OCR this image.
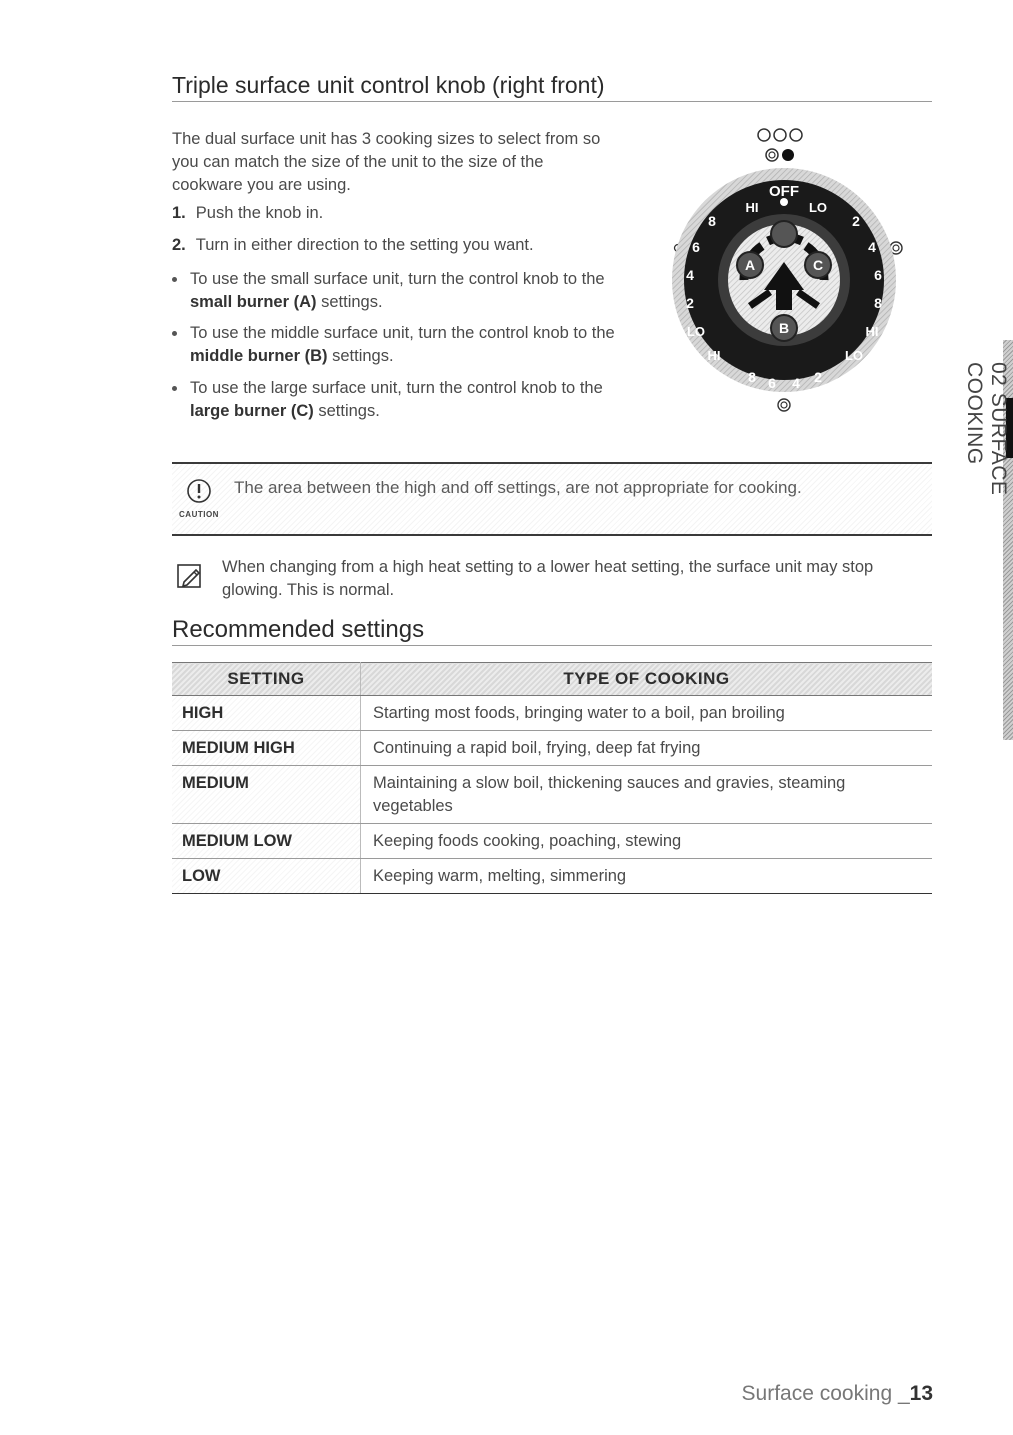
Triple surface unit control knob (right front)

The dual surface unit has 3 cooking sizes to select from so you can match the size of the unit to the size of the cookware you are using.

1. Push the knob in.
2. Turn in either direction to the setting you want.
To use the small surface unit, turn the control knob to the small burner (A) settings.
To use the middle surface unit, turn the control knob to the middle burner (B) settings.
To use the large surface unit, turn the control knob to the large burner (C) settings.
OFF
HI	LO
8
6
4
2
LO
2
4
6
8
HI
HI
8 6 4 2
LO
A	C
B
CAUTION
The area between the high and off settings, are not appropriate for cooking.

When changing from a high heat setting to a lower heat setting, the surface unit may stop glowing. This is normal.

Recommended settings
SETTING	TYPE OF COOKING
HIGH	Starting most foods, bringing water to a boil, pan broiling
MEDIUM HIGH	Continuing a rapid boil, frying, deep fat frying
MEDIUM	Maintaining a slow boil, thickening sauces and gravies, steaming vegetables
MEDIUM LOW	Keeping foods cooking, poaching, stewing
LOW	Keeping warm, melting, simmering
02 SURFACE COOKING
Surface cooking _13
